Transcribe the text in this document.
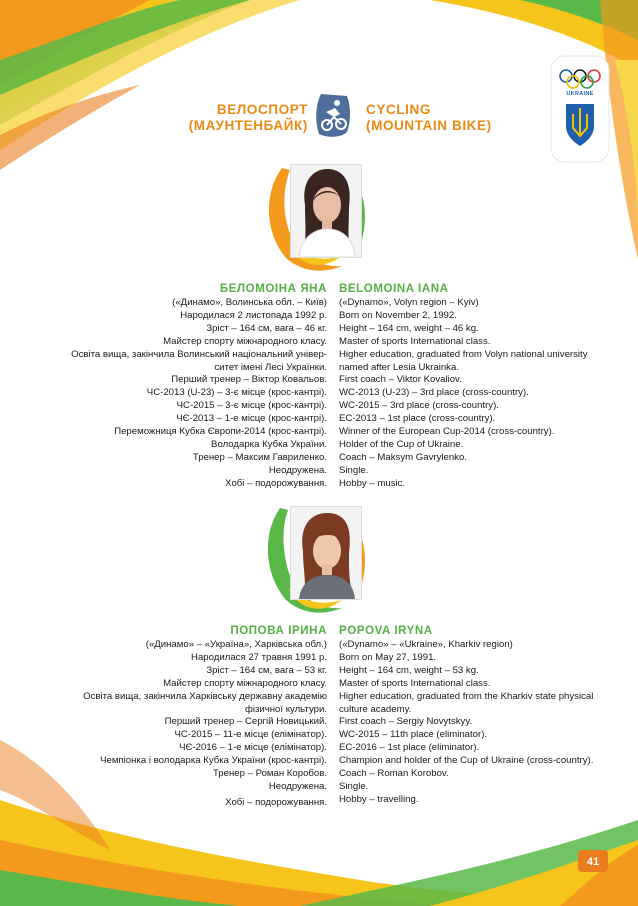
ВЕЛОСПОРТ
(МАУНТЕНБАЙК)
CYCLING
(MOUNTAIN BIKE)
UKRAINE
БЕЛОМОІНА ЯНА BELOMOINA IANA
(«Динамо», Волинська обл. – Київ)
Народилася 2 листопада 1992 р.
Зріст – 164 см, вага – 46 кг.
Майстер спорту міжнародного класу.
Освіта вища, закінчила Волинський національний універ-
ситет імені Лесі Українки.
Перший тренер – Віктор Ковальов.
ЧС-2013 (U-23) – 3-є місце (крос-кантрі).
ЧС-2015 – 3-є місце (крос-кантрі).
ЧЄ-2013 – 1-е місце (крос-кантрі).
Переможниця Кубка Європи-2014 (крос-кантрі).
Володарка Кубка України.
Тренер – Максим Гавриленко.
Неодружена.
Хобі – подорожування.
(«Dynamo», Volyn region – Kyiv)
Born on November 2, 1992.
Height – 164 cm, weight – 46 kg.
Master of sports International class.
Higher education, graduated from Volyn national university
named after Lesia Ukrainka.
First coach – Viktor Kovaliov.
WC-2013 (U-23) – 3rd place (cross-country).
WC-2015 – 3rd place (cross-country).
EC-2013 – 1st place (cross-country).
Winner of the European Cup-2014 (cross-country).
Holder of the Cup of Ukraine.
Coach – Maksym Gavrylenko.
Single.
Hobby – music.
ПОПОВА ІРИНА POPOVA IRYNA
(«Динамо» – «Україна», Харківська обл.)
Народилася 27 травня 1991 р.
Зріст – 164 см, вага – 53 кг.
Майстер спорту міжнародного класу.
Освіта вища, закінчила Харківську державну академію
фізичної культури.
Перший тренер – Сергій Новицький.
ЧС-2015 – 11-е місце (елімінатор).
ЧЄ-2016 – 1-е місце (елімінатор).
Чемпіонка і володарка Кубка України (крос-кантрі).
Тренер – Роман Коробов.
Неодружена.
Хобі – подорожування.
(«Dynamo» – «Ukraine», Kharkiv region)
Born on May 27, 1991.
Height – 164 cm, weight – 53 kg.
Master of sports International class.
Higher education, graduated from the Kharkiv state physical
culture academy.
First coach – Sergiy Novytskyy.
WC-2015 – 11th place (eliminator).
EC-2016 – 1st place (eliminator).
Champion and holder of the Cup of Ukraine (cross-country).
Coach – Roman Korobov.
Single.
Hobby – travelling.
41
